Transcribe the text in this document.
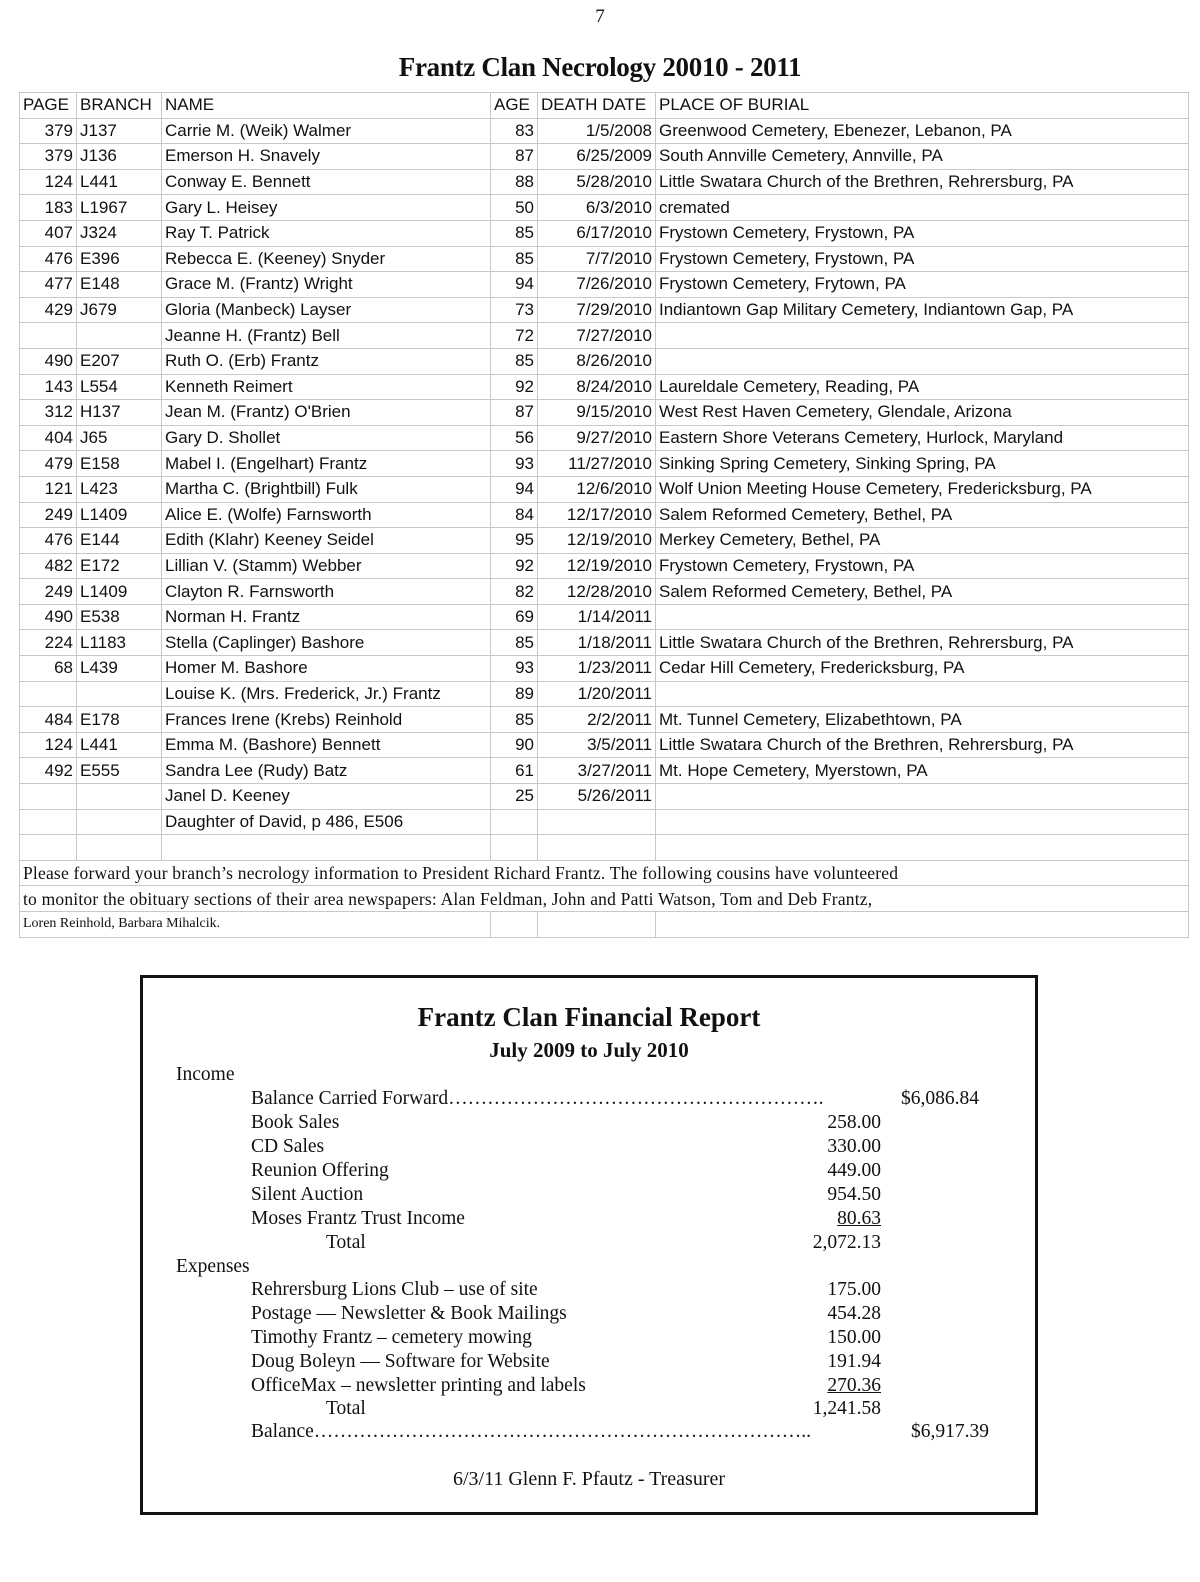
7
Frantz Clan Necrology 20010 - 2011
PAGE	BRANCH	NAME	AGE	DEATH DATE	PLACE OF BURIAL
379	J137	Carrie M. (Weik) Walmer	83	1/5/2008	Greenwood Cemetery, Ebenezer, Lebanon, PA
379	J136	Emerson H. Snavely	87	6/25/2009	South Annville Cemetery, Annville, PA
124	L441	Conway E. Bennett	88	5/28/2010	Little Swatara Church of the Brethren, Rehrersburg, PA
183	L1967	Gary L. Heisey	50	6/3/2010	cremated
407	J324	Ray T. Patrick	85	6/17/2010	Frystown Cemetery, Frystown, PA
476	E396	Rebecca E. (Keeney) Snyder	85	7/7/2010	Frystown Cemetery, Frystown, PA
477	E148	Grace M. (Frantz) Wright	94	7/26/2010	Frystown Cemetery, Frytown, PA
429	J679	Gloria (Manbeck) Layser	73	7/29/2010	Indiantown Gap Military Cemetery, Indiantown Gap, PA
		Jeanne H. (Frantz) Bell	72	7/27/2010	
490	E207	Ruth O. (Erb) Frantz	85	8/26/2010	
143	L554	Kenneth Reimert	92	8/24/2010	Laureldale Cemetery, Reading, PA
312	H137	Jean M. (Frantz) O'Brien	87	9/15/2010	West Rest Haven Cemetery, Glendale, Arizona
404	J65	Gary D. Shollet	56	9/27/2010	Eastern Shore Veterans Cemetery, Hurlock, Maryland
479	E158	Mabel I. (Engelhart) Frantz	93	11/27/2010	Sinking Spring Cemetery, Sinking Spring, PA
121	L423	Martha C. (Brightbill) Fulk	94	12/6/2010	Wolf Union Meeting House Cemetery, Fredericksburg, PA
249	L1409	Alice E. (Wolfe) Farnsworth	84	12/17/2010	Salem Reformed Cemetery, Bethel, PA
476	E144	Edith (Klahr) Keeney Seidel	95	12/19/2010	Merkey Cemetery, Bethel, PA
482	E172	Lillian V. (Stamm) Webber	92	12/19/2010	Frystown Cemetery, Frystown, PA
249	L1409	Clayton R. Farnsworth	82	12/28/2010	Salem Reformed Cemetery, Bethel, PA
490	E538	Norman H. Frantz	69	1/14/2011	
224	L1183	Stella (Caplinger) Bashore	85	1/18/2011	Little Swatara Church of the Brethren, Rehrersburg, PA
68	L439	Homer M. Bashore	93	1/23/2011	Cedar Hill Cemetery, Fredericksburg, PA
		Louise K. (Mrs. Frederick, Jr.) Frantz	89	1/20/2011	
484	E178	Frances Irene (Krebs) Reinhold	85	2/2/2011	Mt. Tunnel Cemetery, Elizabethtown, PA
124	L441	Emma M. (Bashore) Bennett	90	3/5/2011	Little Swatara Church of the Brethren, Rehrersburg, PA
492	E555	Sandra Lee (Rudy) Batz	61	3/27/2011	Mt. Hope Cemetery, Myerstown, PA
		Janel D. Keeney	25	5/26/2011	
		Daughter of David, p 486, E506			

Please forward your branch’s necrology information to President Richard Frantz. The following cousins have volunteered					
to monitor the obituary sections of their area newspapers: Alan Feldman, John and Patti Watson, Tom and Deb Frantz,					
Loren Reinhold, Barbara Mihalcik.					
Frantz Clan Financial Report
July 2009 to July 2010
Income
Balance Carried Forward………………………………………………….	$6,086.84
Book Sales	258.00
CD Sales	330.00
Reunion Offering	449.00
Silent Auction	954.50
Moses Frantz Trust Income	80.63
Total	2,072.13
Expenses
Rehrersburg Lions Club – use of site	175.00
Postage — Newsletter & Book Mailings	454.28
Timothy Frantz – cemetery mowing	150.00
Doug Boleyn — Software for Website	191.94
OfficeMax – newsletter printing and labels	270.36
Total	1,241.58
Balance…………………………………………………………………..	$6,917.39
6/3/11 Glenn F. Pfautz - Treasurer
